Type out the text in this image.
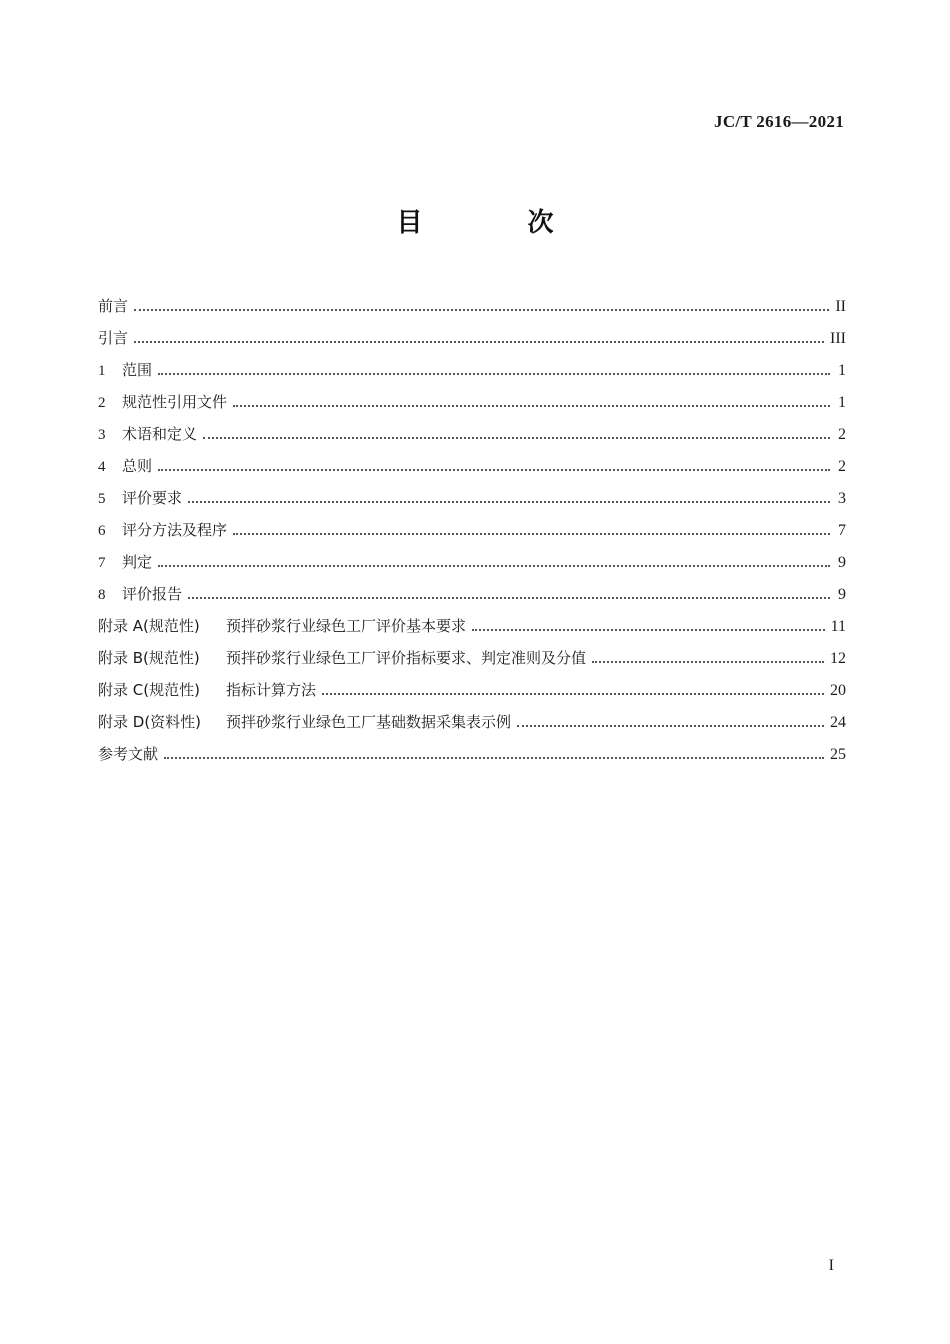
JC/T 2616—2021
目 次
前言	II
引言	III
1	范围	1
2	规范性引用文件	1
3	术语和定义	2
4	总则	2
5	评价要求	3
6	评分方法及程序	7
7	判定	9
8	评价报告	9
附录 A(规范性)	预拌砂浆行业绿色工厂评价基本要求	11
附录 B(规范性)	预拌砂浆行业绿色工厂评价指标要求、判定准则及分值	12
附录 C(规范性)	指标计算方法	20
附录 D(资料性)	预拌砂浆行业绿色工厂基础数据采集表示例	24
参考文献	25
I
